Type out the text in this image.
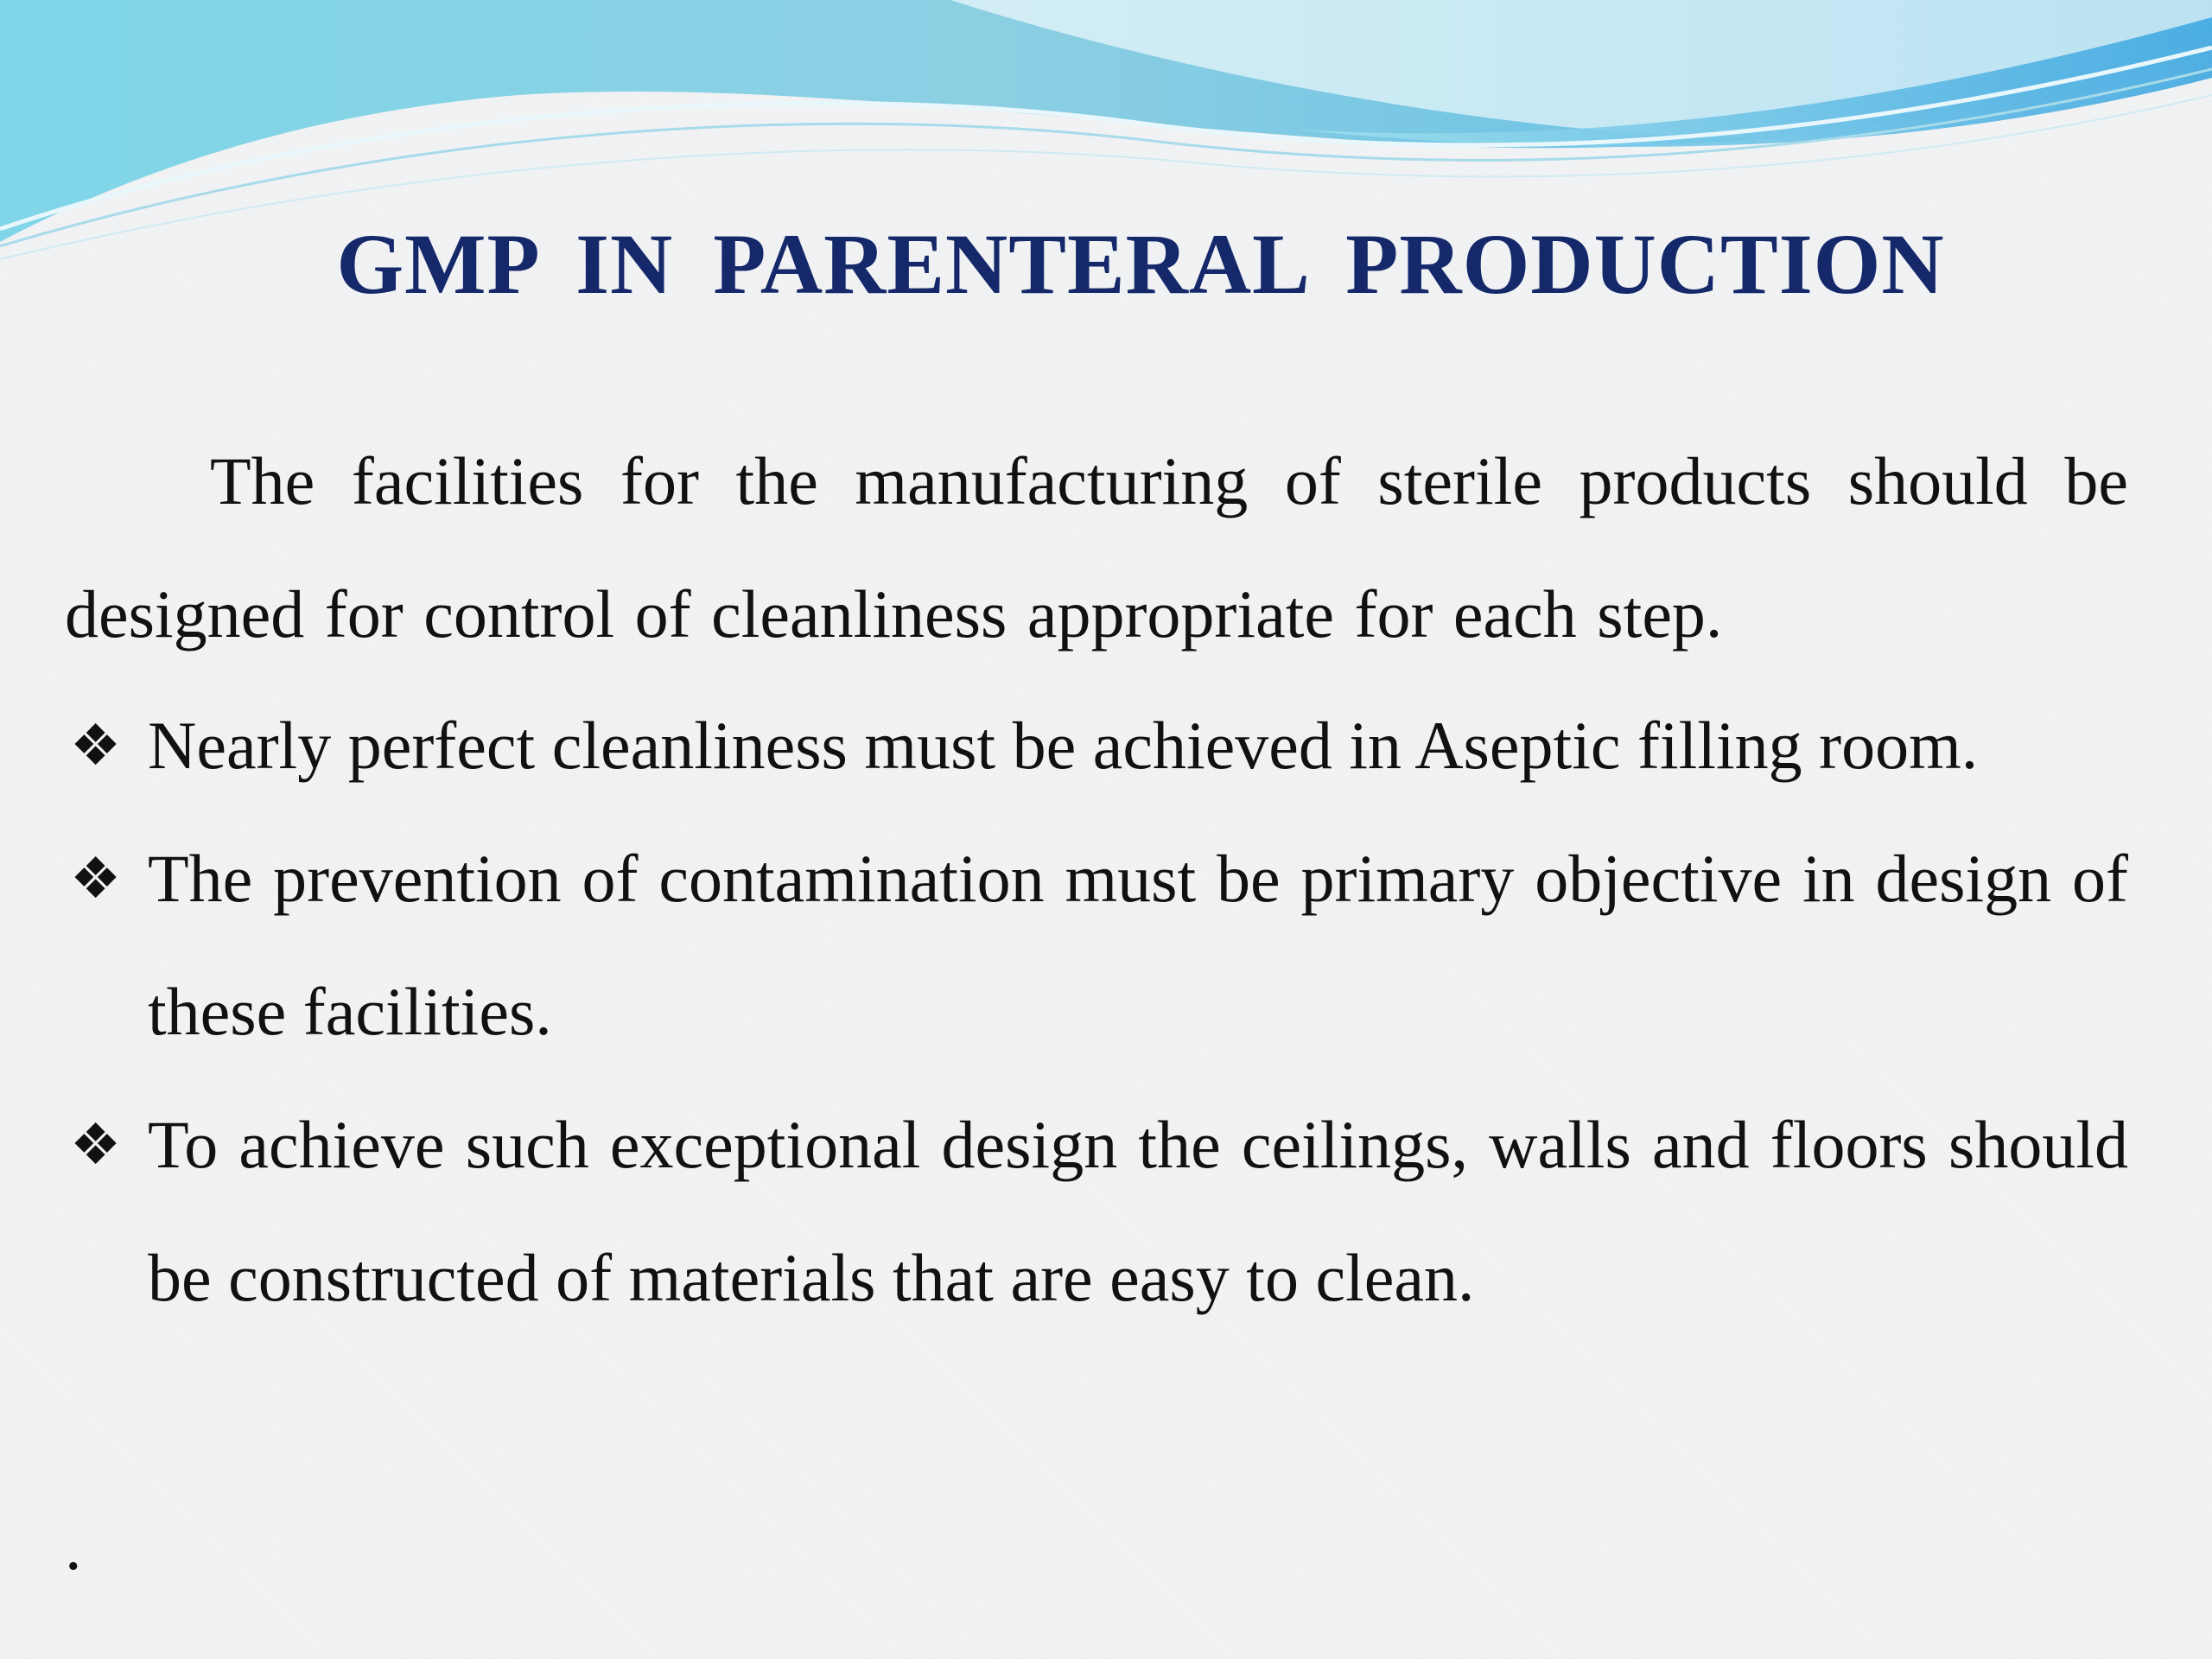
GMP IN PARENTERAL PRODUCTION
The facilities for the manufacturing of sterile products should be designed for control of cleanliness appropriate for each step.
❖ Nearly perfect cleanliness must be achieved in Aseptic filling room.
❖ The prevention of contamination must be primary objective in design of these facilities.
❖ To achieve such exceptional design the ceilings, walls and floors should be constructed of materials that are easy to clean.
.
